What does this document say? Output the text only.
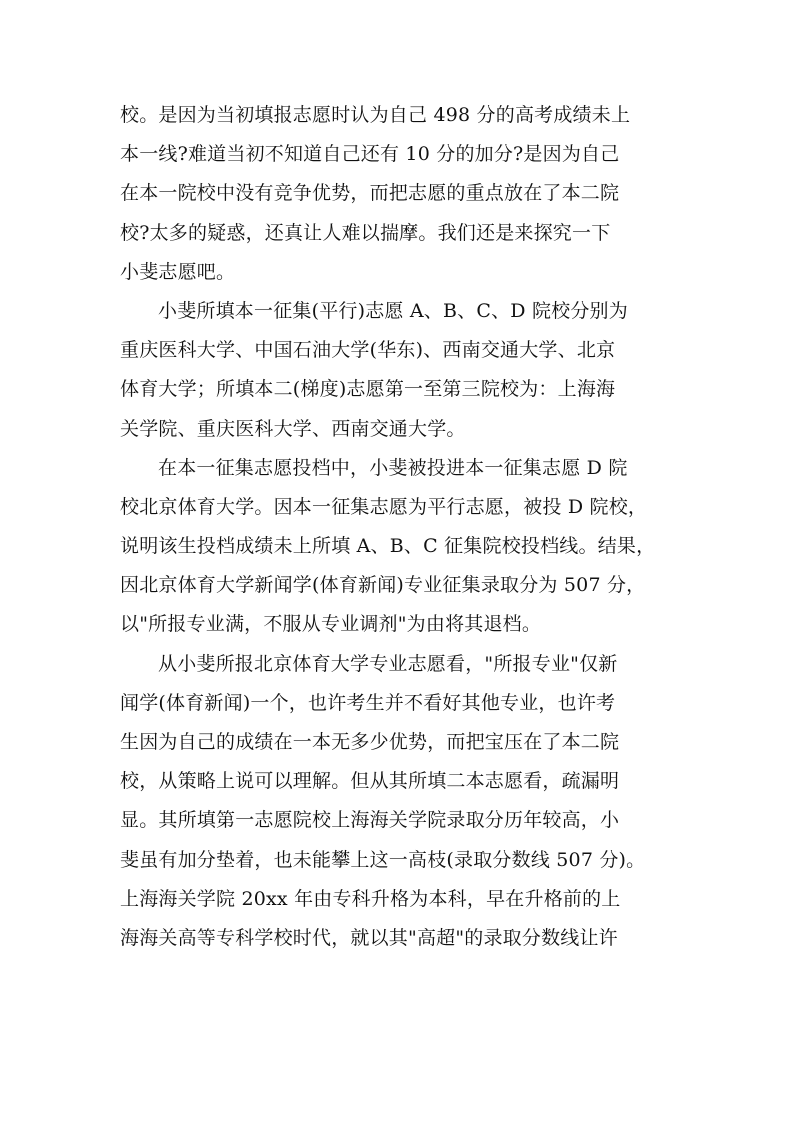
校。是因为当初填报志愿时认为自己 498 分的高考成绩未上
本一线?难道当初不知道自己还有 10 分的加分?是因为自己
在本一院校中没有竞争优势，而把志愿的重点放在了本二院
校?太多的疑惑，还真让人难以揣摩。我们还是来探究一下
小斐志愿吧。
小斐所填本一征集(平行)志愿 A、B、C、D 院校分别为
重庆医科大学、中国石油大学(华东)、西南交通大学、北京
体育大学；所填本二(梯度)志愿第一至第三院校为：上海海
关学院、重庆医科大学、西南交通大学。
在本一征集志愿投档中，小斐被投进本一征集志愿 D 院
校北京体育大学。因本一征集志愿为平行志愿，被投 D 院校，
说明该生投档成绩未上所填 A、B、C 征集院校投档线。结果，
因北京体育大学新闻学(体育新闻)专业征集录取分为 507 分，
以"所报专业满，不服从专业调剂"为由将其退档。
从小斐所报北京体育大学专业志愿看，"所报专业"仅新
闻学(体育新闻)一个，也许考生并不看好其他专业，也许考
生因为自己的成绩在一本无多少优势，而把宝压在了本二院
校，从策略上说可以理解。但从其所填二本志愿看，疏漏明
显。其所填第一志愿院校上海海关学院录取分历年较高，小
斐虽有加分垫着，也未能攀上这一高枝(录取分数线 507 分)。
上海海关学院 20xx 年由专科升格为本科，早在升格前的上
海海关高等专科学校时代，就以其"高超"的录取分数线让许
